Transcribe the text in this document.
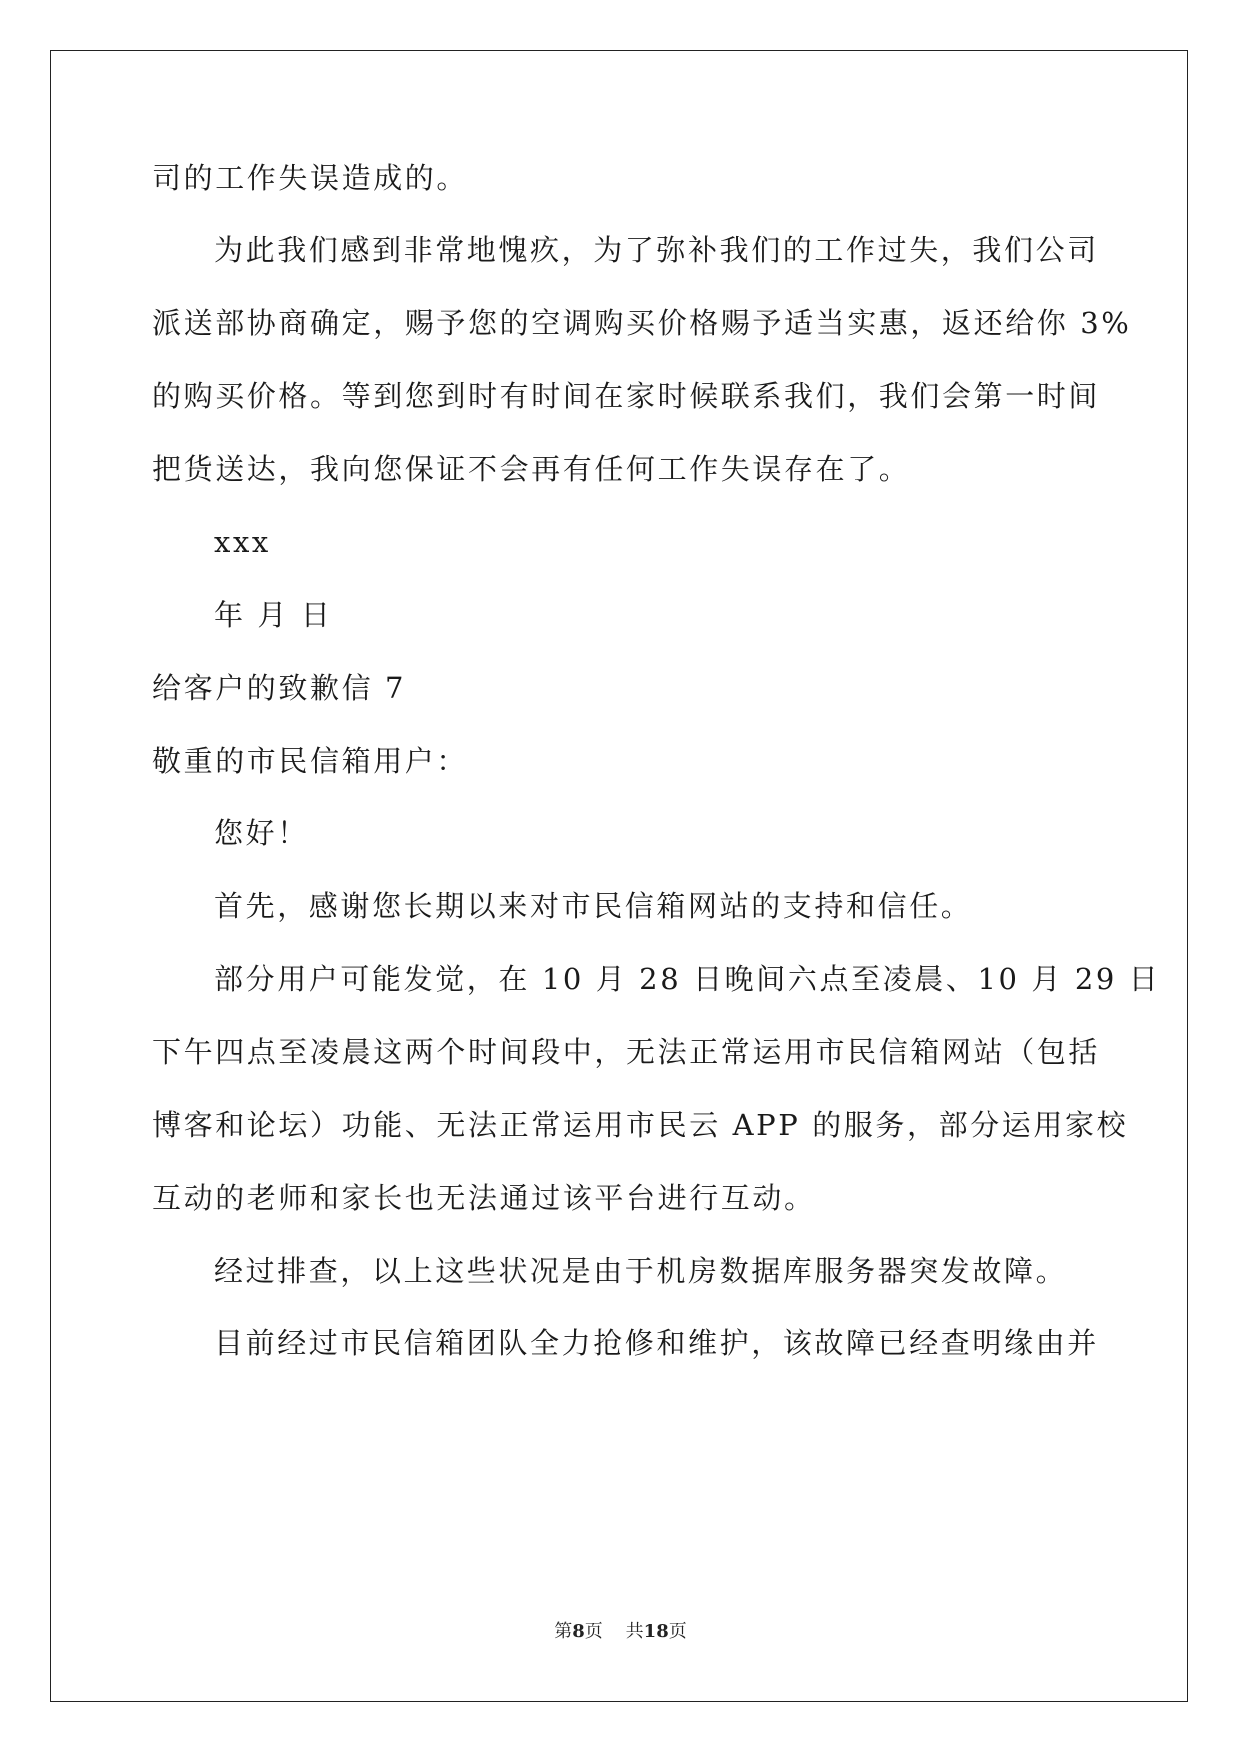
司的工作失误造成的。
为此我们感到非常地愧疚，为了弥补我们的工作过失，我们公司
派送部协商确定，赐予您的空调购买价格赐予适当实惠，返还给你 3%
的购买价格。等到您到时有时间在家时候联系我们，我们会第一时间
把货送达，我向您保证不会再有任何工作失误存在了。
xxx
年 月 日
给客户的致歉信 7
敬重的市民信箱用户：
您好！
首先，感谢您长期以来对市民信箱网站的支持和信任。
部分用户可能发觉，在 10 月 28 日晚间六点至凌晨、10 月 29 日
下午四点至凌晨这两个时间段中，无法正常运用市民信箱网站（包括
博客和论坛）功能、无法正常运用市民云 APP 的服务，部分运用家校
互动的老师和家长也无法通过该平台进行互动。
经过排查，以上这些状况是由于机房数据库服务器突发故障。
目前经过市民信箱团队全力抢修和维护，该故障已经查明缘由并
第8页 共18页
